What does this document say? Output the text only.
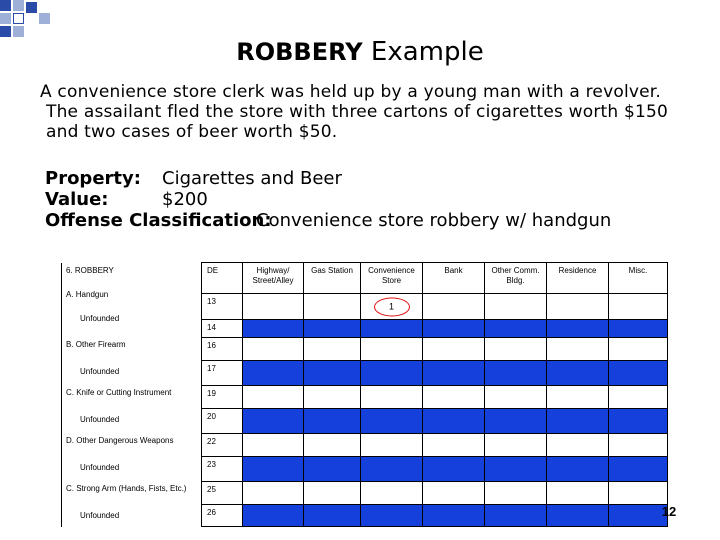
ROBBERY Example
A convenience store clerk was held up by a young man with a revolver.
The assailant fled the store with three cartons of cigarettes worth $150
and two cases of beer worth $50.
Property: Cigarettes and Beer
Value:	$200
Offense Classification:
Convenience store robbery w/ handgun
6. ROBBERY	DE	Highway/ Street/Alley	Gas Station	Convenience Store	Bank	Other Comm. Bldg.	Residence	Misc.
A. Handgun	13			1				

Unfounded	14							
B. Other Firearm	16							
Unfounded	17							
C. Knife or Cutting Instrument	19							
Unfounded	20							
D. Other Dangerous Weapons	22							
Unfounded	23							
C. Strong Arm (Hands, Fists, Etc.)	25							
Unfounded	26								12
